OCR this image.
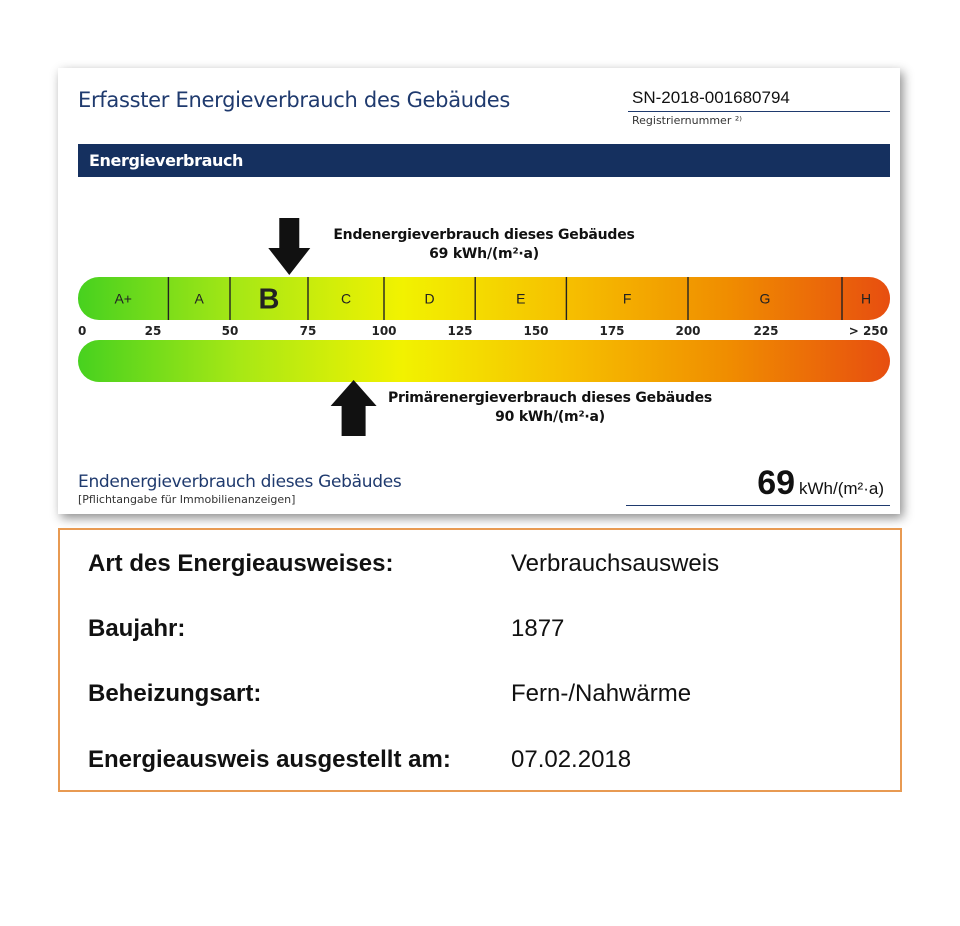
Erfasster Energieverbrauch des Gebäudes	SN-2018-001680794
Registriernummer ²⁾
Energieverbrauch
A+	A B	C	D	E	F	G	H
0	25	50	75	100	125	150	175	200	225	> 250
Endenergieverbrauch dieses Gebäudes
69 kWh/(m²·a)
Primärenergieverbrauch dieses Gebäudes
90 kWh/(m²·a)
Endenergieverbrauch dieses Gebäudes
[Pflichtangabe für Immobilienanzeigen]	69 kWh/(m²·a)
Art des Energieausweises:	Verbrauchsausweis
Baujahr:	1877
Beheizungsart:	Fern-/Nahwärme
Energieausweis ausgestellt am:	07.02.2018
